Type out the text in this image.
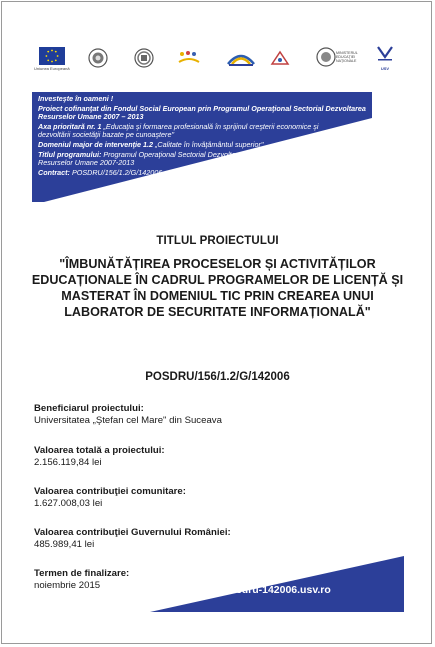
Uniunea Europeană
MINISTERUL EDUCAŢIEI NAŢIONALE
USV
Investeşte în oameni !
Proiect cofinanţat din Fondul Social European prin Programul Operaţional Sectorial Dezvoltarea Resurselor Umane 2007 – 2013
Axa prioritară nr. 1 „Educaţia şi formarea profesională în sprijinul creşterii economice şi dezvoltării societăţii bazate pe cunoaştere"
Domeniul major de intervenţie 1.2 „Calitate în învăţământul superior"
Titlul programului: Programul Operaţional Sectorial Dezvoltarea Resurselor Umane 2007-2013
Contract: POSDRU/156/1.2/G/142006
TITLUL PROIECTULUI
"ÎMBUNĂTĂȚIREA PROCESELOR ȘI ACTIVITĂȚILOR EDUCAȚIONALE ÎN CADRUL PROGRAMELOR DE LICENȚĂ ȘI MASTERAT ÎN DOMENIUL TIC PRIN CREAREA UNUI LABORATOR DE SECURITATE INFORMAȚIONALĂ"
POSDRU/156/1.2/G/142006
Beneficiarul proiectului:
Universitatea „Ştefan cel Mare" din Suceava
Valoarea totală a proiectului:
2.156.119,84 lei
Valoarea contribuţiei comunitare:
1.627.008,03 lei
Valoarea contribuţiei Guvernului României:
485.989,41 lei
Termen de finalizare:
noiembrie 2015	www.posdru-142006.usv.ro
